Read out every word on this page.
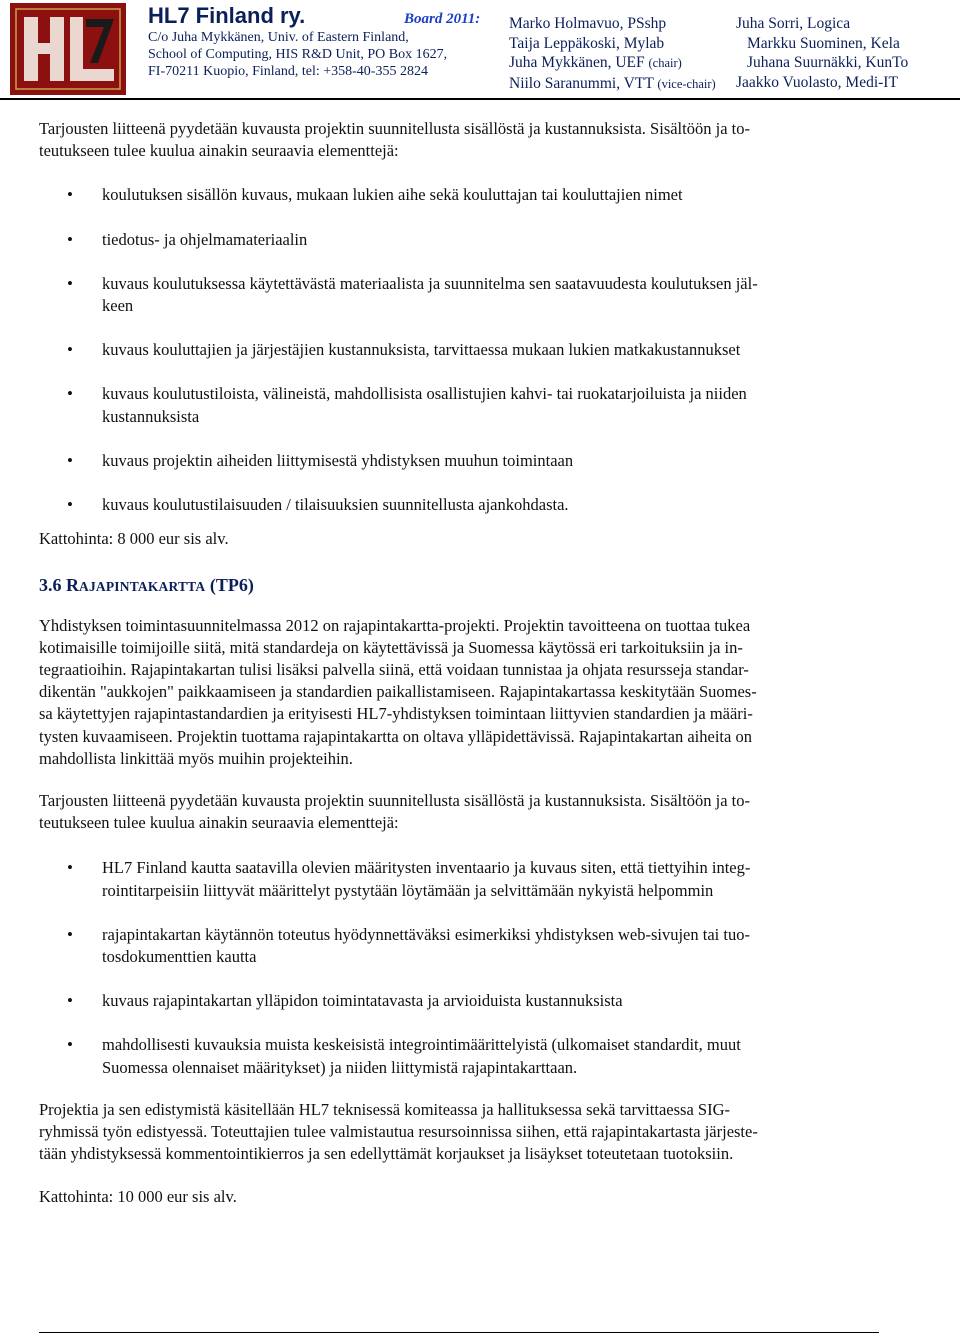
HL7 Finland ry.
C/o Juha Mykkänen, Univ. of Eastern Finland,
School of Computing, HIS R&D Unit, PO Box 1627,
FI-70211 Kuopio, Finland, tel: +358-40-355 2824
Board 2011: Marko Holmavuo, PSshp
Taija Leppäkoski, Mylab
Juha Mykkänen, UEF (chair)
Niilo Saranummi, VTT (vice-chair)
Juha Sorri, Logica
Markku Suominen, Kela
Juhana Suurnäkki, KunTo
Jaakko Vuolasto, Medi-IT

Tarjousten liitteenä pyydetään kuvausta projektin suunnitellusta sisällöstä ja kustannuksista. Sisältöön ja to-
teutukseen tulee kuulua ainakin seuraavia elementtejä:

• koulutuksen sisällön kuvaus, mukaan lukien aihe sekä kouluttajan tai kouluttajien nimet
• tiedotus- ja ohjelmamateriaalin
• kuvaus koulutuksessa käytettävästä materiaalista ja suunnitelma sen saatavuudesta koulutuksen jäl-
keen
• kuvaus kouluttajien ja järjestäjien kustannuksista, tarvittaessa mukaan lukien matkakustannukset
• kuvaus koulutustiloista, välineistä, mahdollisista osallistujien kahvi- tai ruokatarjoiluista ja niiden
kustannuksista
• kuvaus projektin aiheiden liittymisestä yhdistyksen muuhun toimintaan
• kuvaus koulutustilaisuuden / tilaisuuksien suunnitellusta ajankohdasta.

Kattohinta: 8 000 eur sis alv.

3.6 RAJAPINTAKARTTA (TP6)

Yhdistyksen toimintasuunnitelmassa 2012 on rajapintakartta-projekti. Projektin tavoitteena on tuottaa tukea
kotimaisille toimijoille siitä, mitä standardeja on käytettävissä ja Suomessa käytössä eri tarkoituksiin ja in-
tegraatioihin. Rajapintakartan tulisi lisäksi palvella siinä, että voidaan tunnistaa ja ohjata resursseja standar-
dikentän "aukkojen" paikkaamiseen ja standardien paikallistamiseen. Rajapintakartassa keskitytään Suomes-
sa käytettyjen rajapintastandardien ja erityisesti HL7-yhdistyksen toimintaan liittyvien standardien ja määri-
tysten kuvaamiseen. Projektin tuottama rajapintakartta on oltava ylläpidettävissä. Rajapintakartan aiheita on
mahdollista linkittää myös muihin projekteihin.

Tarjousten liitteenä pyydetään kuvausta projektin suunnitellusta sisällöstä ja kustannuksista. Sisältöön ja to-
teutukseen tulee kuulua ainakin seuraavia elementtejä:

• HL7 Finland kautta saatavilla olevien määritysten inventaario ja kuvaus siten, että tiettyihin integ-
rointitarpeisiin liittyvät määrittelyt pystytään löytämään ja selvittämään nykyistä helpommin
• rajapintakartan käytännön toteutus hyödynnettäväksi esimerkiksi yhdistyksen web-sivujen tai tuo-
tosdokumenttien kautta
• kuvaus rajapintakartan ylläpidon toimintatavasta ja arvioiduista kustannuksista
• mahdollisesti kuvauksia muista keskeisistä integrointimäärittelyistä (ulkomaiset standardit, muut
Suomessa olennaiset määritykset) ja niiden liittymistä rajapintakarttaan.

Projektia ja sen edistymistä käsitellään HL7 teknisessä komiteassa ja hallituksessa sekä tarvittaessa SIG-
ryhmissä työn edistyessä. Toteuttajien tulee valmistautua resursoinnissa siihen, että rajapintakartasta järjeste-
tään yhdistyksessä kommentointikierros ja sen edellyttämät korjaukset ja lisäykset toteutetaan tuotoksiin.

Kattohinta: 10 000 eur sis alv.
